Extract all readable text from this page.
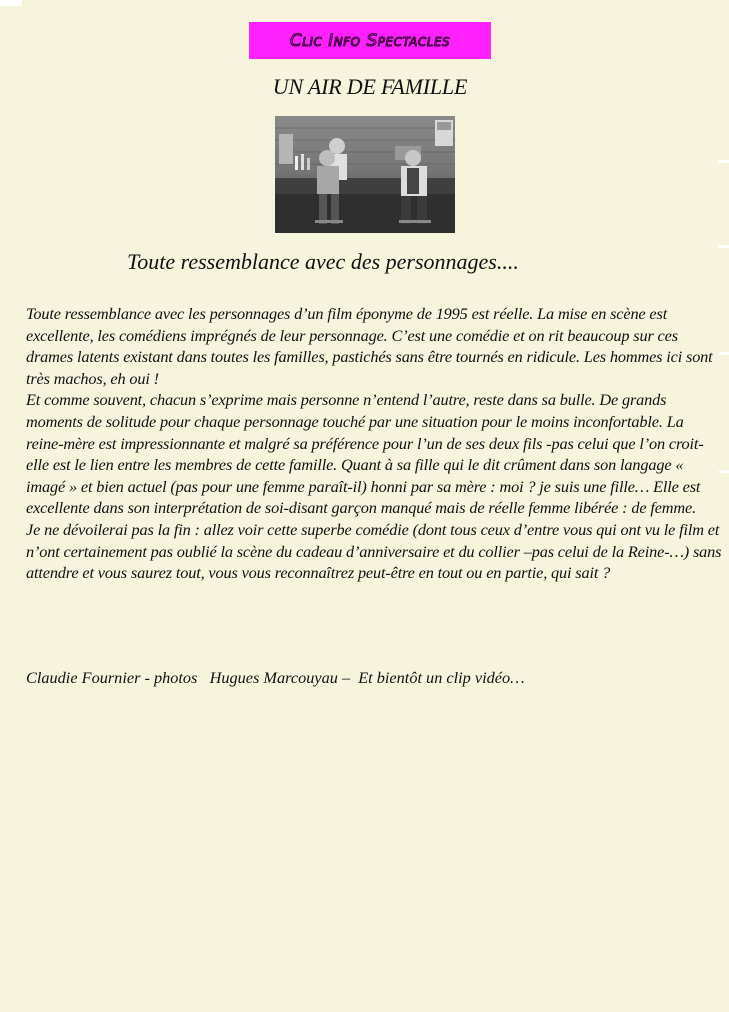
Clic Info Spectacles
UN AIR DE FAMILLE
Toute ressemblance avec des personnages....

Toute ressemblance avec les personnages d’un film éponyme de 1995 est réelle. La mise en scène est excellente, les comédiens imprégnés de leur personnage. C’est une comédie et on rit beaucoup sur ces drames latents existant dans toutes les familles, pastichés sans être tournés en ridicule. Les hommes ici sont très machos, eh oui !

Et comme souvent, chacun s’exprime mais personne n’entend l’autre, reste dans sa bulle. De grands moments de solitude pour chaque personnage touché par une situation pour le moins inconfortable. La reine-mère est impressionnante et malgré sa préférence pour l’un de ses deux fils -pas celui que l’on croit- elle est le lien entre les membres de cette famille. Quant à sa fille qui le dit crûment dans son langage « imagé » et bien actuel (pas pour une femme paraît-il) honni par sa mère : moi ? je suis une fille… Elle est excellente dans son interprétation de soi-disant garçon manqué mais de réelle femme libérée : de femme.

Je ne dévoilerai pas la fin : allez voir cette superbe comédie (dont tous ceux d’entre vous qui ont vu le film et n’ont certainement pas oublié la scène du cadeau d’anniversaire et du collier –pas celui de la Reine-…) sans attendre et vous saurez tout, vous vous reconnaîtrez peut-être en tout ou en partie, qui sait ?

Claudie Fournier - photos   Hugues Marcouyau –  Et bientôt un clip vidéo…
